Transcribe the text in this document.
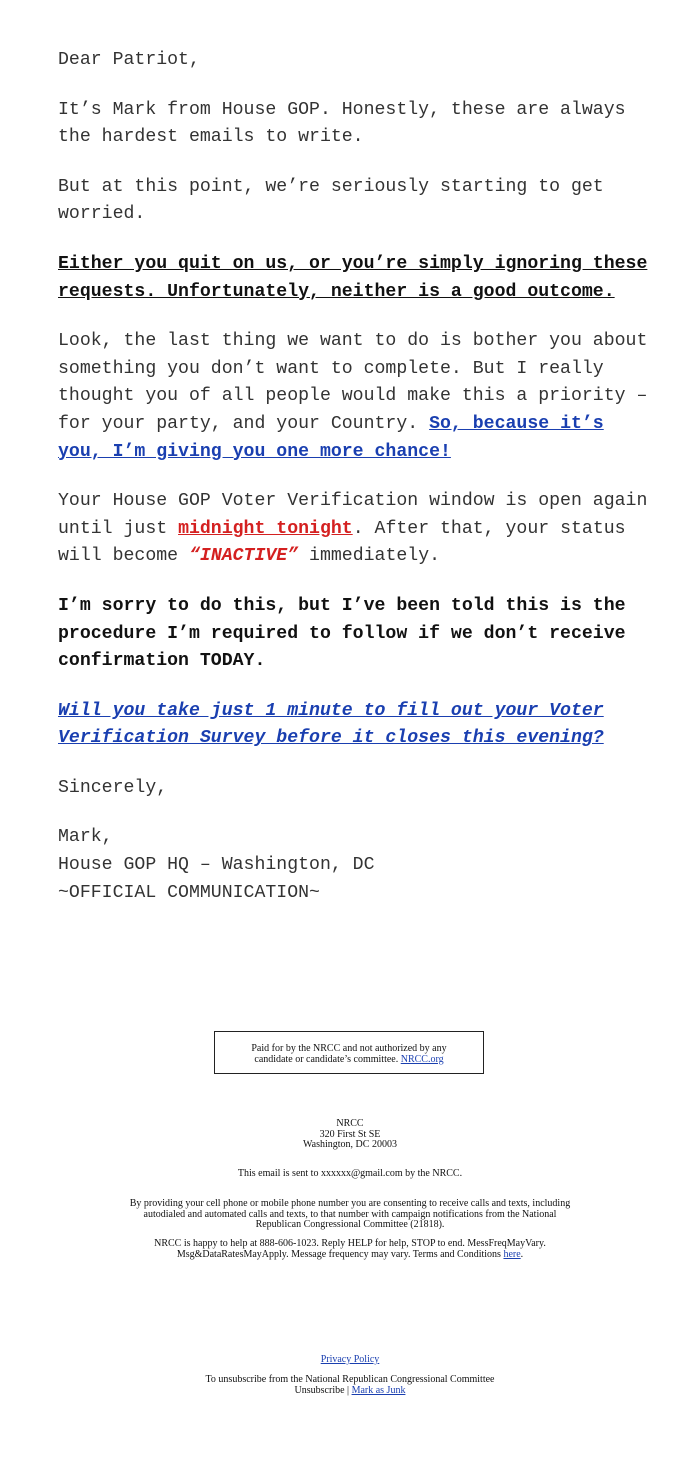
Dear Patriot,

It’s Mark from House GOP. Honestly, these are always the hardest emails to write.

But at this point, we’re seriously starting to get worried.

Either you quit on us, or you’re simply ignoring these requests. Unfortunately, neither is a good outcome.

Look, the last thing we want to do is bother you about something you don’t want to complete. But I really thought you of all people would make this a priority – for your party, and your Country. So, because it’s you, I’m giving you one more chance!

Your House GOP Voter Verification window is open again until just midnight tonight. After that, your status will become “INACTIVE” immediately.

I’m sorry to do this, but I’ve been told this is the procedure I’m required to follow if we don’t receive confirmation TODAY.

Will you take just 1 minute to fill out your Voter Verification Survey before it closes this evening?

Sincerely,

Mark,
House GOP HQ – Washington, DC
~OFFICIAL COMMUNICATION~
Paid for by the NRCC and not authorized by any
candidate or candidate’s committee. NRCC.org
NRCC
320 First St SE
Washington, DC 20003
This email is sent to xxxxxx@gmail.com by the NRCC.
By providing your cell phone or mobile phone number you are consenting to receive calls and texts, including
autodialed and automated calls and texts, to that number with campaign notifications from the National
Republican Congressional Committee (21818).
NRCC is happy to help at 888-606-1023. Reply HELP for help, STOP to end. MessFreqMayVary.
Msg&DataRatesMayApply. Message frequency may vary. Terms and Conditions here.
Privacy Policy
To unsubscribe from the National Republican Congressional Committee
Unsubscribe | Mark as Junk
